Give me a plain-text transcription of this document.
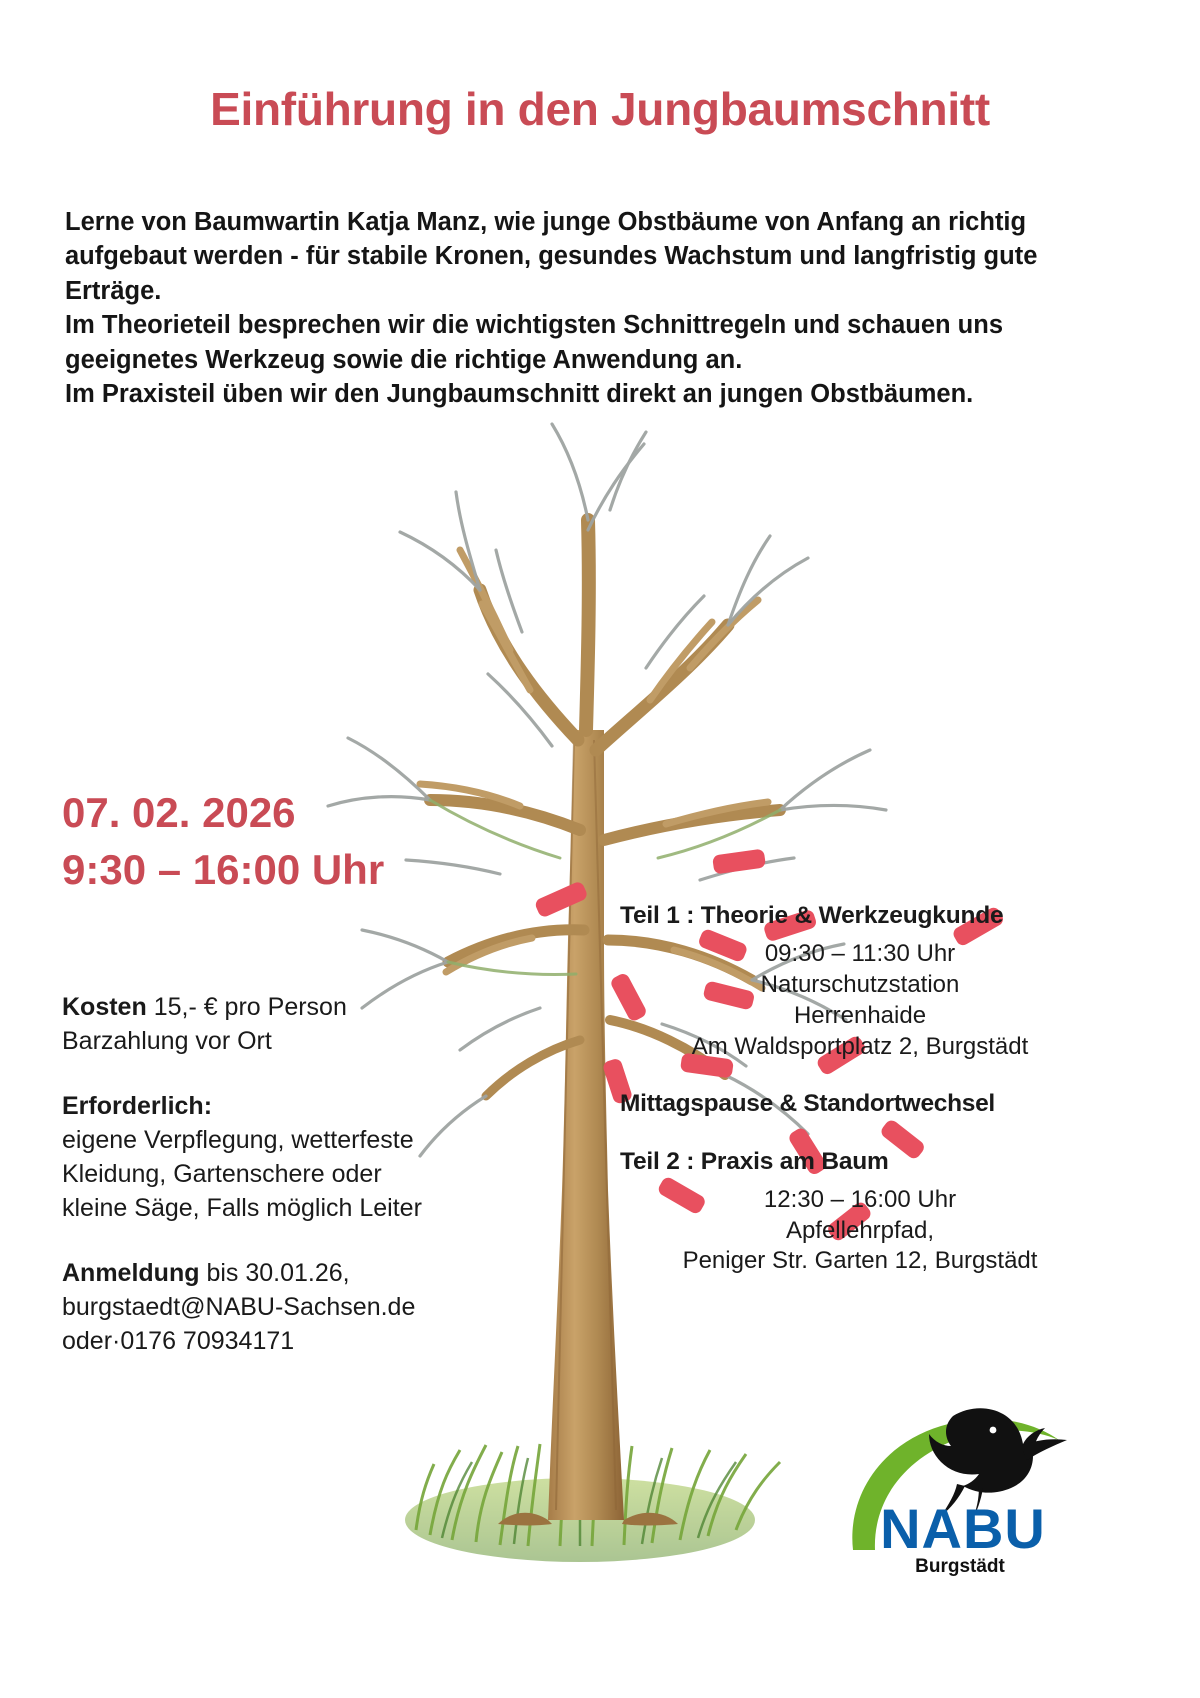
Einführung in den Jungbaumschnitt

Lerne von Baumwartin Katja Manz, wie junge Obstbäume von Anfang an richtig aufgebaut werden - für stabile Kronen, gesundes Wachstum und langfristig gute Erträge.

Im Theorieteil besprechen wir die wichtigsten Schnittregeln und schauen uns geeignetes Werkzeug sowie die richtige Anwendung an.

Im Praxisteil üben wir den Jungbaumschnitt direkt an jungen Obstbäumen.

07. 02. 2026
9:30 – 16:00 Uhr
Kosten 15,- € pro Person
Barzahlung vor Ort
Erforderlich:
eigene Verpflegung, wetterfeste
Kleidung, Gartenschere oder
kleine Säge, Falls möglich Leiter
Anmeldung bis 30.01.26,
burgstaedt@NABU-Sachsen.de
oder·0176 70934171
Teil 1 : Theorie & Werkzeugkunde
09:30 – 11:30 Uhr
Naturschutzstation
Herrenhaide
Am Waldsportplatz 2, Burgstädt
Mittagspause & Standortwechsel
Teil 2 : Praxis am Baum
12:30 – 16:00 Uhr
Apfellehrpfad,
Peniger Str. Garten 12, Burgstädt
NABU
Burgstädt
